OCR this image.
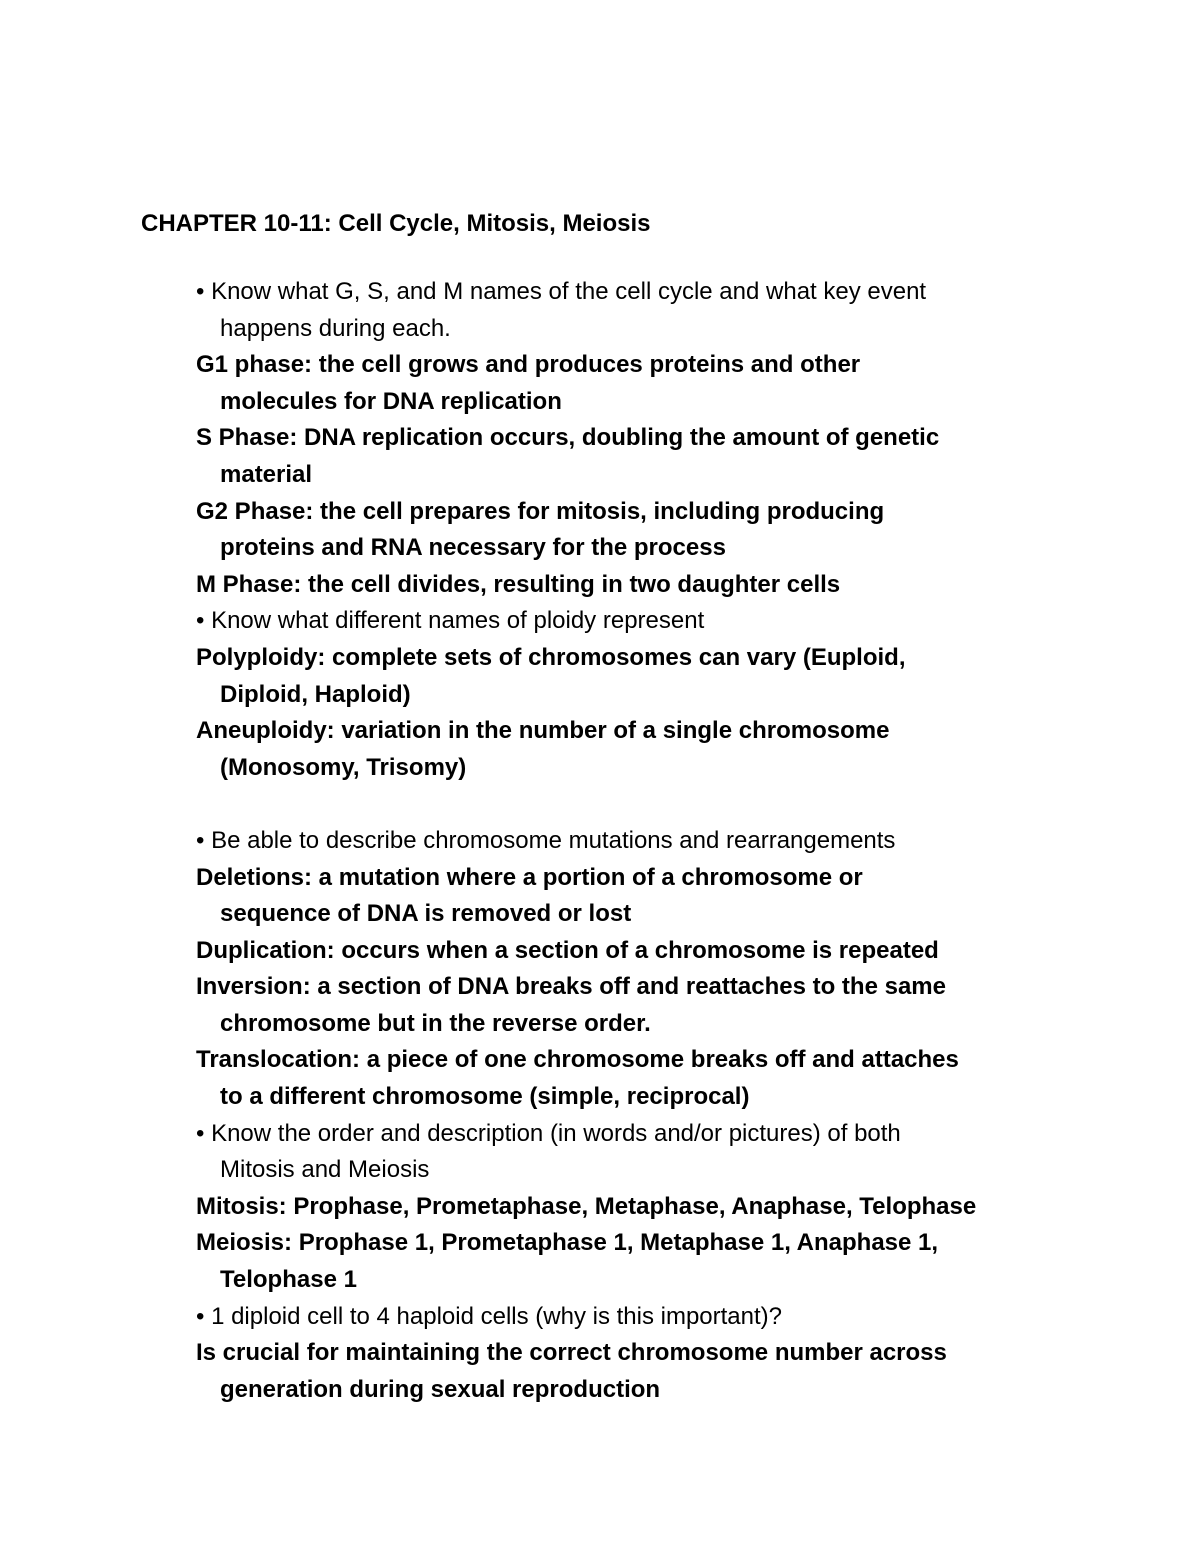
CHAPTER 10-11: Cell Cycle, Mitosis, Meiosis
• Know what G, S, and M names of the cell cycle and what key event
happens during each.
G1 phase: the cell grows and produces proteins and other
molecules for DNA replication
S Phase: DNA replication occurs, doubling the amount of genetic
material
G2 Phase: the cell prepares for mitosis, including producing
proteins and RNA necessary for the process
M Phase: the cell divides, resulting in two daughter cells
• Know what different names of ploidy represent
Polyploidy: complete sets of chromosomes can vary (Euploid,
Diploid, Haploid)
Aneuploidy: variation in the number of a single chromosome
(Monosomy, Trisomy)
• Be able to describe chromosome mutations and rearrangements
Deletions: a mutation where a portion of a chromosome or
sequence of DNA is removed or lost
Duplication: occurs when a section of a chromosome is repeated
Inversion: a section of DNA breaks off and reattaches to the same
chromosome but in the reverse order.
Translocation: a piece of one chromosome breaks off and attaches
to a different chromosome (simple, reciprocal)
• Know the order and description (in words and/or pictures) of both
Mitosis and Meiosis
Mitosis: Prophase, Prometaphase, Metaphase, Anaphase, Telophase
Meiosis: Prophase 1, Prometaphase 1, Metaphase 1, Anaphase 1,
Telophase 1
• 1 diploid cell to 4 haploid cells (why is this important)?
Is crucial for maintaining the correct chromosome number across
generation during sexual reproduction
